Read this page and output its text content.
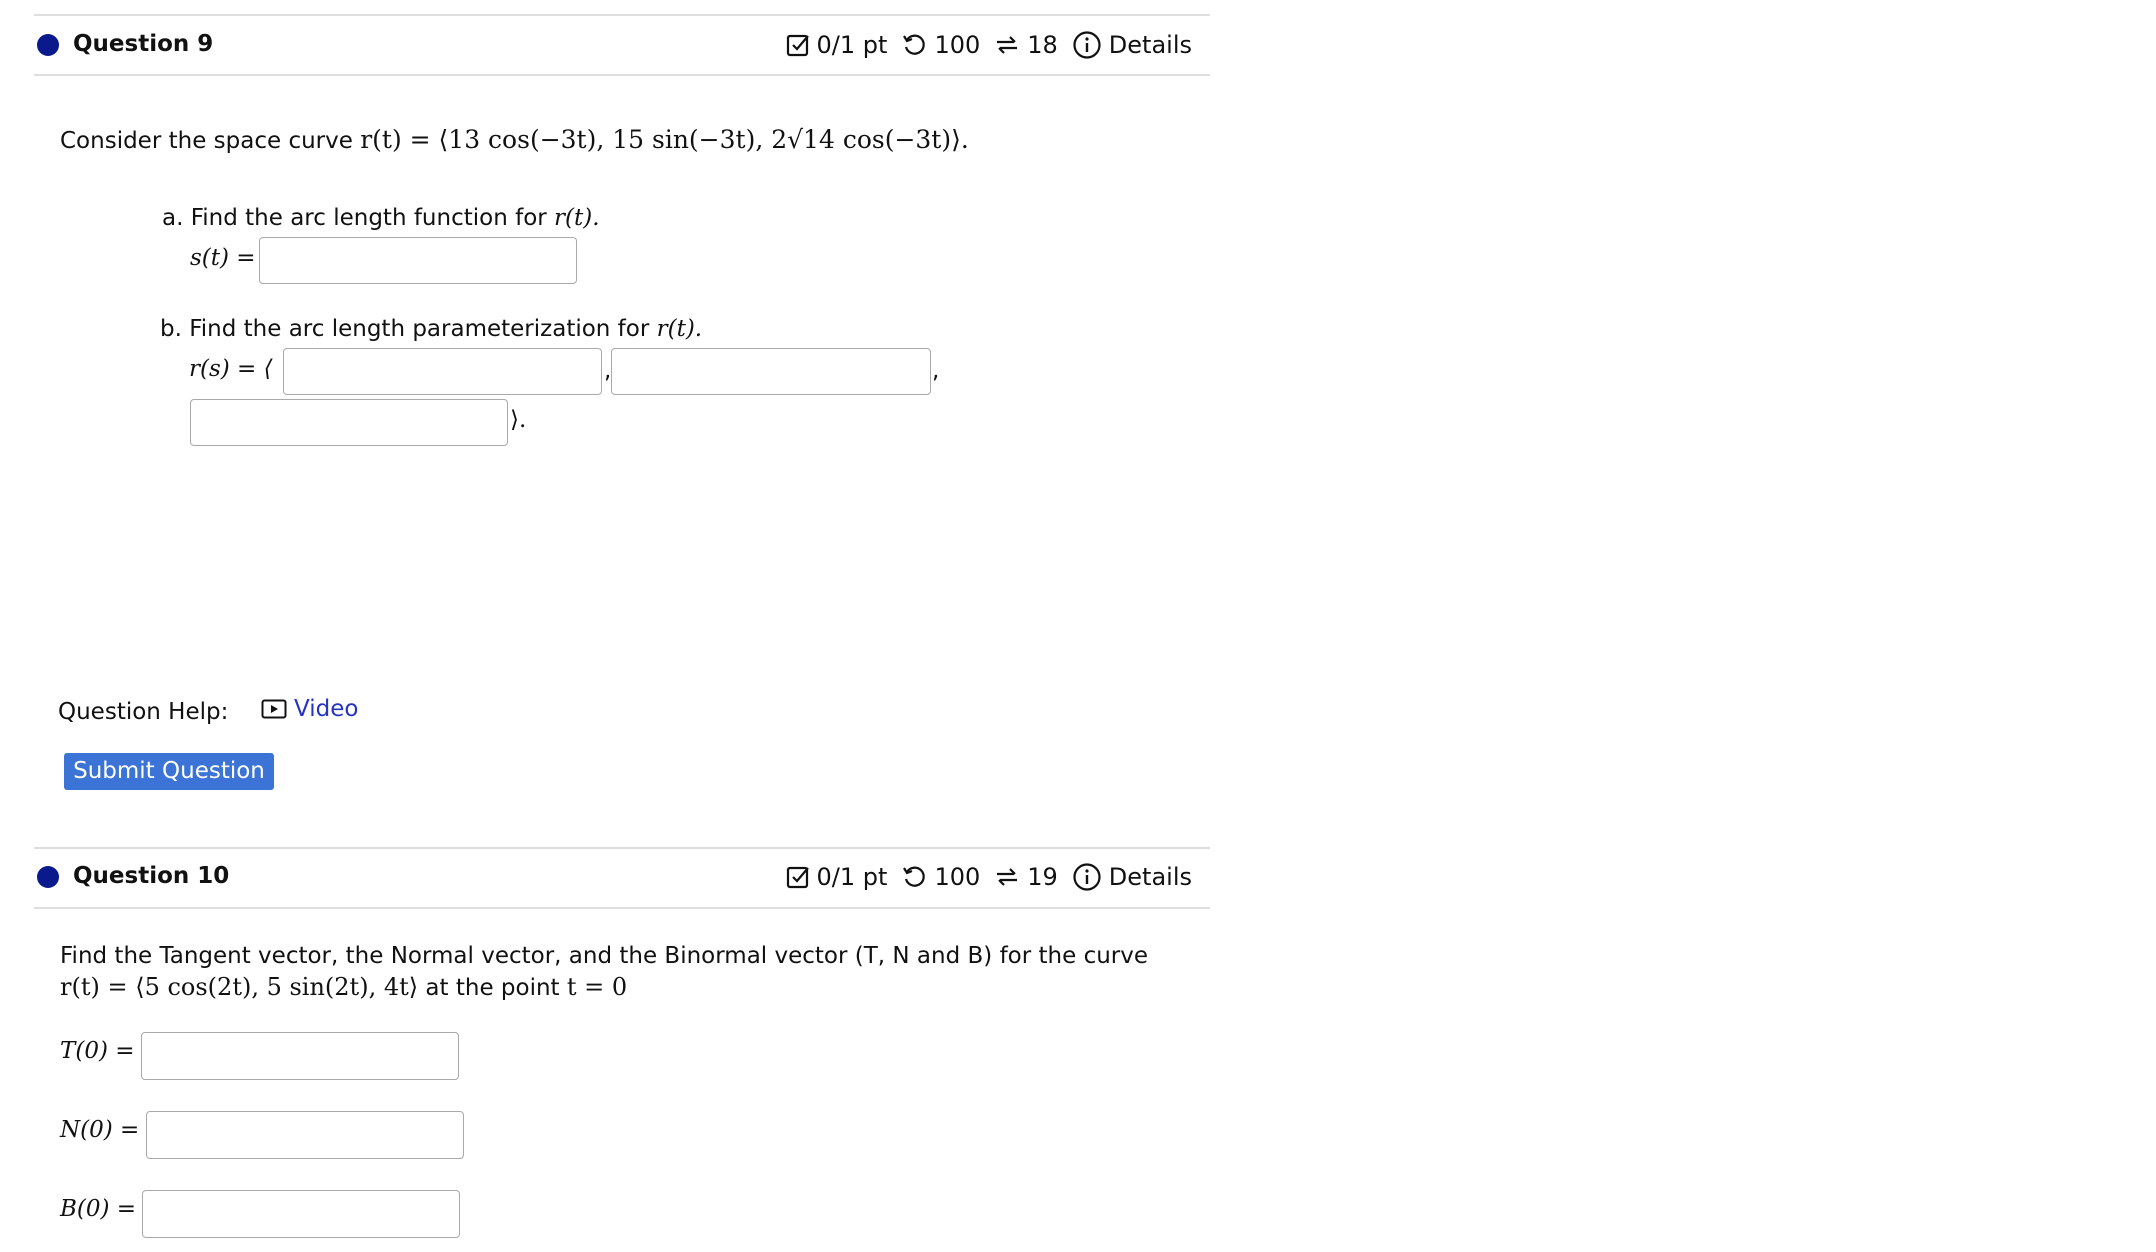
Question 9	0/1 pt 100 18 Details
Consider the space curve r(t) = ⟨13 cos(−3t), 15 sin(−3t), 2√14 cos(−3t)⟩.
a. Find the arc length function for r(t).
s(t) =
b. Find the arc length parameterization for r(t).
r(s) = ⟨	,	,
⟩.
Question Help:	Video
Submit Question
Question 10	0/1 pt 100 19 Details
Find the Tangent vector, the Normal vector, and the Binormal vector (T, N and B) for the curve
r(t) = ⟨5 cos(2t), 5 sin(2t), 4t⟩ at the point t = 0
T(0) =
N(0) =
B(0) =
